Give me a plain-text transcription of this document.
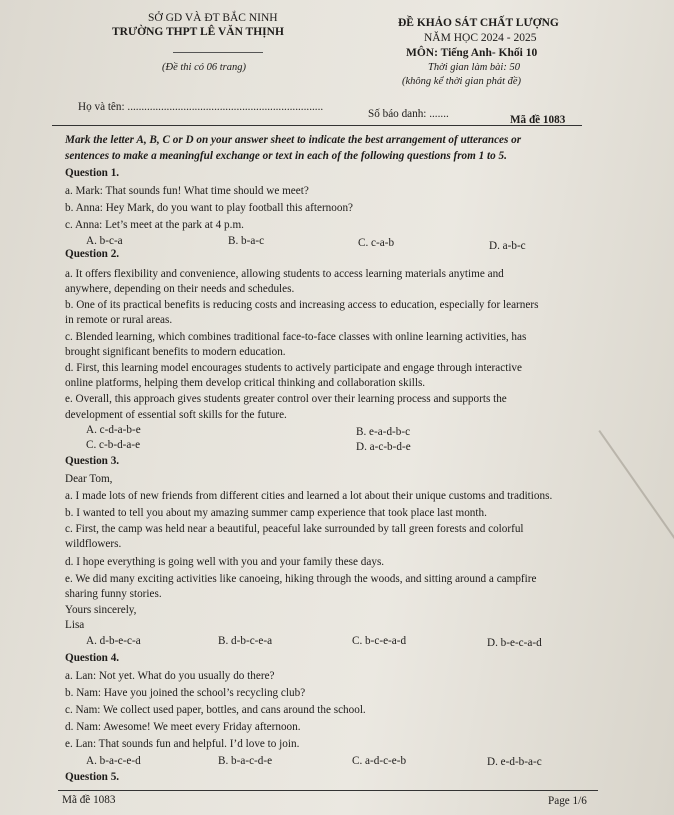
SỞ GD VÀ ĐT BẮC NINH
TRƯỜNG THPT LÊ VĂN THỊNH
(Đề thi có 06 trang)
ĐỀ KHẢO SÁT CHẤT LƯỢNG
NĂM HỌC 2024 - 2025
MÔN: Tiếng Anh- Khối 10
Thời gian làm bài: 50
(không kể thời gian phát đề)
Họ và tên: ......................................................................
Số báo danh: .......	Mã đề 1083
Mark the letter A, B, C or D on your answer sheet to indicate the best arrangement of utterances or
sentences to make a meaningful exchange or text in each of the following questions from 1 to 5.
Question 1.
a. Mark: That sounds fun! What time should we meet?
b. Anna: Hey Mark, do you want to play football this afternoon?
c. Anna: Let’s meet at the park at 4 p.m.
A. b-c-a	B. b-a-c	C. c-a-b	D. a-b-c
Question 2.
a. It offers flexibility and convenience, allowing students to access learning materials anytime and
anywhere, depending on their needs and schedules.
b. One of its practical benefits is reducing costs and increasing access to education, especially for learners
in remote or rural areas.
c. Blended learning, which combines traditional face-to-face classes with online learning activities, has
brought significant benefits to modern education.
d. First, this learning model encourages students to actively participate and engage through interactive
online platforms, helping them develop critical thinking and collaboration skills.
e. Overall, this approach gives students greater control over their learning process and supports the
development of essential soft skills for the future.
A. c-d-a-b-e	B. e-a-d-b-c
C. c-b-d-a-e	D. a-c-b-d-e
Question 3.
Dear Tom,
a. I made lots of new friends from different cities and learned a lot about their unique customs and traditions.
b. I wanted to tell you about my amazing summer camp experience that took place last month.
c. First, the camp was held near a beautiful, peaceful lake surrounded by tall green forests and colorful
wildflowers.
d. I hope everything is going well with you and your family these days.
e. We did many exciting activities like canoeing, hiking through the woods, and sitting around a campfire
sharing funny stories.
Yours sincerely,
Lisa
A. d-b-e-c-a	B. d-b-c-e-a	C. b-c-e-a-d	D. b-e-c-a-d
Question 4.
a. Lan: Not yet. What do you usually do there?
b. Nam: Have you joined the school’s recycling club?
c. Nam: We collect used paper, bottles, and cans around the school.
d. Nam: Awesome! We meet every Friday afternoon.
e. Lan: That sounds fun and helpful. I’d love to join.
A. b-a-c-e-d	B. b-a-c-d-e	C. a-d-c-e-b	D. e-d-b-a-c
Question 5.
Mã đề 1083	Page 1/6
